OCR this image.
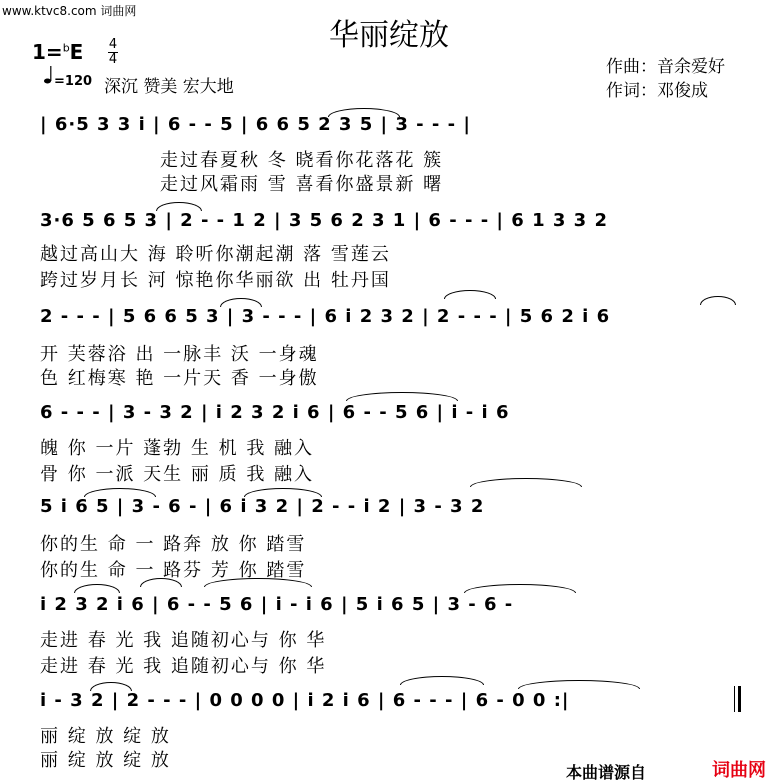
www.ktvc8.com 词曲网
华丽绽放
1=$^b$E 4
4
=120 深沉 赞美 宏大地
作曲：音余爱好
作词：邓俊成
| 6·5 3 3 i | 6 - - 5 | 6 6 5 2 3 5 | 3 - - - |
走过春夏秋 冬 晓看你花落花 簇
走过风霜雨 雪 喜看你盛景新 曙
3·6 5 6 5 3 | 2 - - 1 2 | 3 5 6 2 3 1 | 6 - - - | 6 1 3 3 2
越过高山大 海 聆听你潮起潮 落 雪莲云
跨过岁月长 河 惊艳你华丽欲 出 牡丹国
2 - - - | 5 6 6 5 3 | 3 - - - | 6 i 2 3 2 | 2 - - - | 5 6 2 i 6
开 芙蓉浴 出 一脉丰 沃 一身魂
色 红梅寒 艳 一片天 香 一身傲
6 - - - | 3 - 3 2 | i 2 3 2 i 6 | 6 - - 5 6 | i - i 6
魄 你 一片 蓬勃 生 机 我 融入
骨 你 一派 天生 丽 质 我 融入
5 i 6 5 | 3 - 6 - | 6 i 3 2 | 2 - - i 2 | 3 - 3 2
你的生 命 一 路奔 放 你 踏雪
你的生 命 一 路芬 芳 你 踏雪
i 2 3 2 i 6 | 6 - - 5 6 | i - i 6 | 5 i 6 5 | 3 - 6 -
走进 春 光 我 追随初心与 你 华
走进 春 光 我 追随初心与 你 华
i - 3 2 | 2 - - - | 0 0 0 0 | i 2 i 6 | 6 - - - | 6 - 0 0 :|
丽 绽 放 绽 放
丽 绽 放 绽 放
本曲谱源自	词曲网
